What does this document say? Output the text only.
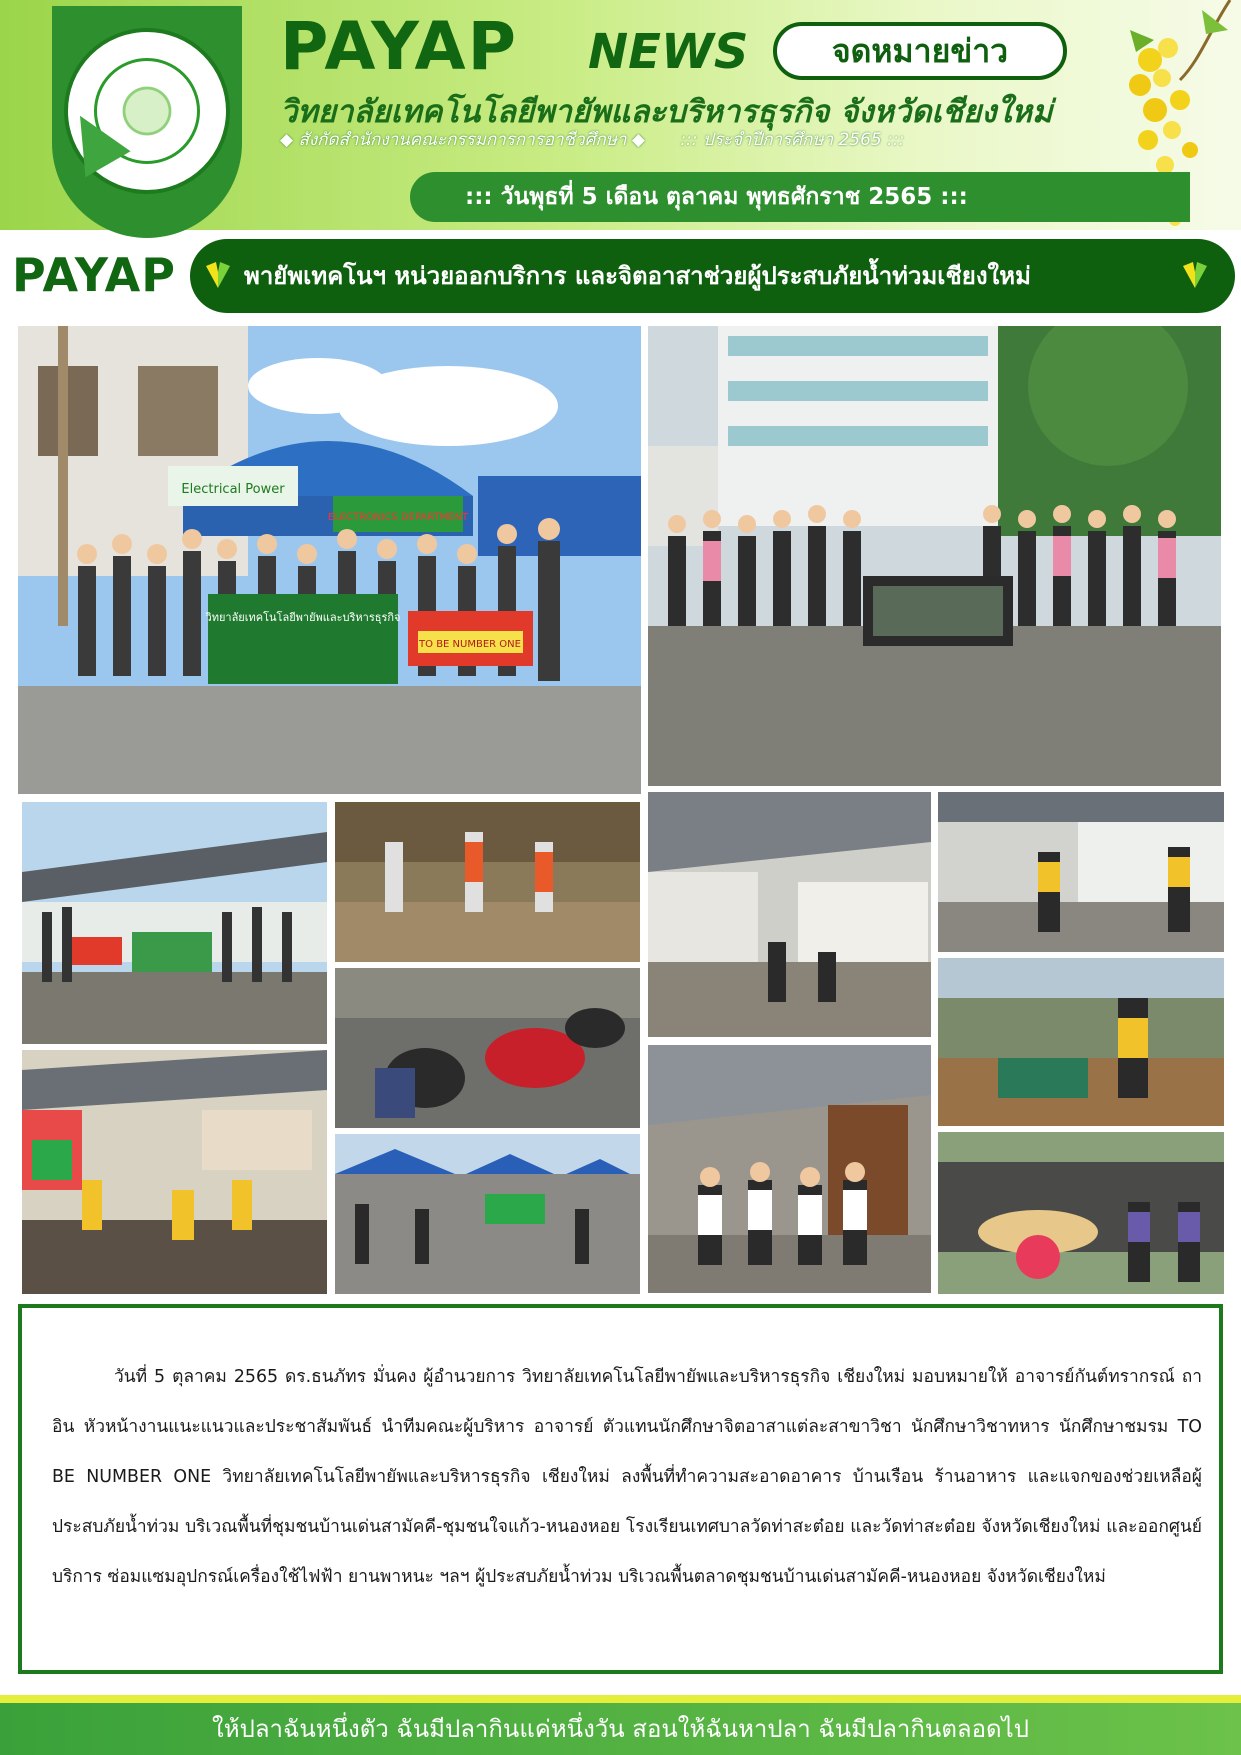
PAYAP NEWS	จดหมายข่าว
วิทยาลัยเทคโนโลยีพายัพและบริหารธุรกิจ จังหวัดเชียงใหม่
◆ สังกัดสำนักงานคณะกรรมการการอาชีวศึกษา ◆ ::: ประจำปีการศึกษา 2565 :::
::: วันพุธที่ 5 เดือน ตุลาคม พุทธศักราช 2565 :::
PAYAP	พายัพเทคโนฯ หน่วยออกบริการ และจิตอาสาช่วยผู้ประสบภัยน้ำท่วมเชียงใหม่
Electrical Power
ELECTRONICS DEPARTMENT
วิทยาลัยเทคโนโลยีพายัพและบริหารธุรกิจ
TO BE NUMBER ONE
วันที่ 5 ตุลาคม 2565 ดร.ธนภัทร มั่นคง ผู้อำนวยการ วิทยาลัยเทคโนโลยีพายัพและบริหารธุรกิจ เชียงใหม่ มอบหมายให้ อาจารย์กันต์ทรากรณ์ ถาอิน หัวหน้างานแนะแนวและประชาสัมพันธ์ นำทีมคณะผู้บริหาร อาจารย์ ตัวแทนนักศึกษาจิตอาสาแต่ละสาขาวิชา นักศึกษาวิชาทหาร นักศึกษาชมรม TO BE NUMBER ONE วิทยาลัยเทคโนโลยีพายัพและบริหารธุรกิจ เชียงใหม่ ลงพื้นที่ทำความสะอาดอาคาร บ้านเรือน ร้านอาหาร และแจกของช่วยเหลือผู้ประสบภัยน้ำท่วม บริเวณพื้นที่ชุมชนบ้านเด่นสามัคคี-ชุมชนใจแก้ว-หนองหอย โรงเรียนเทศบาลวัดท่าสะต๋อย และวัดท่าสะต๋อย จังหวัดเชียงใหม่ และออกศูนย์บริการ ซ่อมแซมอุปกรณ์เครื่องใช้ไฟฟ้า ยานพาหนะ ฯลฯ ผู้ประสบภัยน้ำท่วม บริเวณพื้นตลาดชุมชนบ้านเด่นสามัคคี-หนองหอย จังหวัดเชียงใหม่
ให้ปลาฉันหนึ่งตัว ฉันมีปลากินแค่หนึ่งวัน สอนให้ฉันหาปลา ฉันมีปลากินตลอดไป
